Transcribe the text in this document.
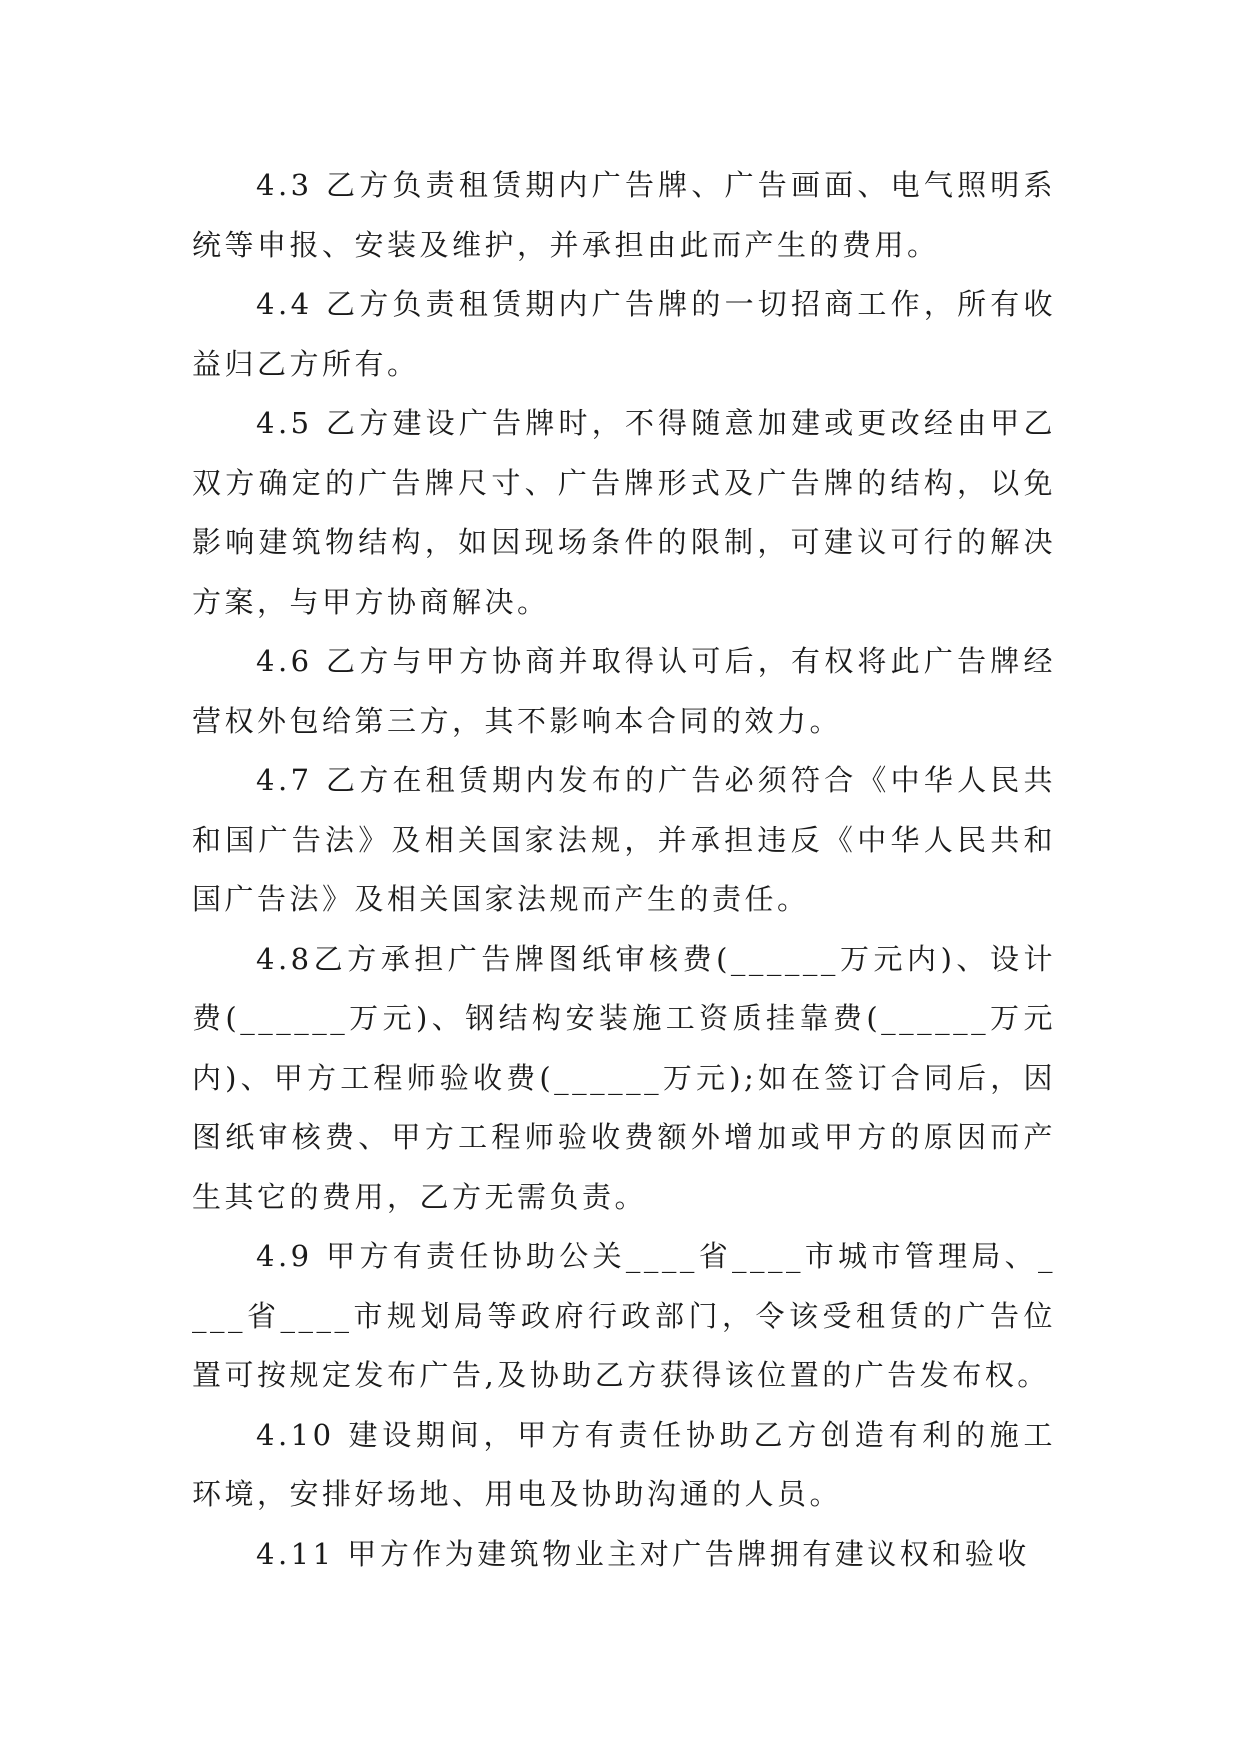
4.3 乙方负责租赁期内广告牌、广告画面、电气照明系统等申报、安装及维护，并承担由此而产生的费用。

4.4 乙方负责租赁期内广告牌的一切招商工作，所有收益归乙方所有。

4.5 乙方建设广告牌时，不得随意加建或更改经由甲乙双方确定的广告牌尺寸、广告牌形式及广告牌的结构，以免影响建筑物结构，如因现场条件的限制，可建议可行的解决方案，与甲方协商解决。

4.6 乙方与甲方协商并取得认可后，有权将此广告牌经营权外包给第三方，其不影响本合同的效力。

4.7 乙方在租赁期内发布的广告必须符合《中华人民共和国广告法》及相关国家法规，并承担违反《中华人民共和国广告法》及相关国家法规而产生的责任。

4.8乙方承担广告牌图纸审核费(______万元内)、设计费(______万元)、钢结构安装施工资质挂靠费(______万元内)、甲方工程师验收费(______万元);如在签订合同后，因图纸审核费、甲方工程师验收费额外增加或甲方的原因而产生其它的费用，乙方无需负责。

4.9 甲方有责任协助公关____省____市城市管理局、____省____市规划局等政府行政部门，令该受租赁的广告位置可按规定发布广告,及协助乙方获得该位置的广告发布权。

4.10 建设期间，甲方有责任协助乙方创造有利的施工环境，安排好场地、用电及协助沟通的人员。

4.11 甲方作为建筑物业主对广告牌拥有建议权和验收
